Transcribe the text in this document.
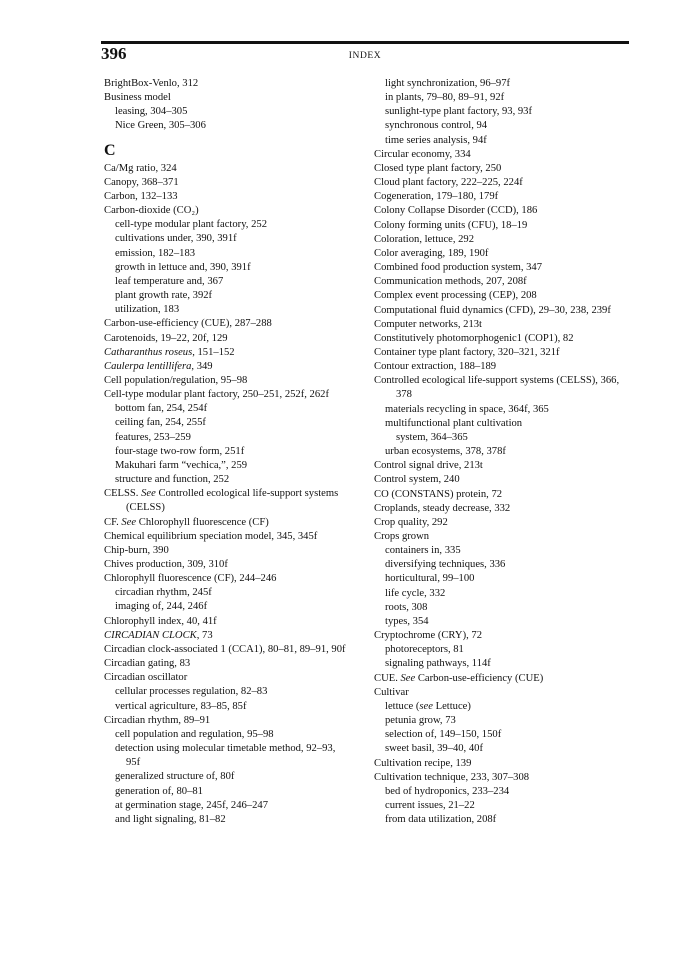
396	INDEX
BrightBox-Venlo, 312
Business model
leasing, 304–305
Nice Green, 305–306
C
Ca/Mg ratio, 324
Canopy, 368–371
Carbon, 132–133
Carbon-dioxide (CO₂)
cell-type modular plant factory, 252
cultivations under, 390, 391f
emission, 182–183
growth in lettuce and, 390, 391f
leaf temperature and, 367
plant growth rate, 392f
utilization, 183
Carbon-use-efficiency (CUE), 287–288
Carotenoids, 19–22, 20f, 129
Catharanthus roseus, 151–152
Caulerpa lentillifera, 349
Cell population/regulation, 95–98
Cell-type modular plant factory, 250–251, 252f, 262f
bottom fan, 254, 254f
ceiling fan, 254, 255f
features, 253–259
four-stage two-row form, 251f
Makuhari farm “vechica,”, 259
structure and function, 252
CELSS. See Controlled ecological life-support systems
(CELSS)
CF. See Chlorophyll fluorescence (CF)
Chemical equilibrium speciation model, 345, 345f
Chip-burn, 390
Chives production, 309, 310f
Chlorophyll fluorescence (CF), 244–246
circadian rhythm, 245f
imaging of, 244, 246f
Chlorophyll index, 40, 41f
CIRCADIAN CLOCK, 73
Circadian clock-associated 1 (CCA1), 80–81, 89–91, 90f
Circadian gating, 83
Circadian oscillator
cellular processes regulation, 82–83
vertical agriculture, 83–85, 85f
Circadian rhythm, 89–91
cell population and regulation, 95–98
detection using molecular timetable method, 92–93,
95f
generalized structure of, 80f
generation of, 80–81
at germination stage, 245f, 246–247
and light signaling, 81–82
light synchronization, 96–97f
in plants, 79–80, 89–91, 92f
sunlight-type plant factory, 93, 93f
synchronous control, 94
time series analysis, 94f
Circular economy, 334
Closed type plant factory, 250
Cloud plant factory, 222–225, 224f
Cogeneration, 179–180, 179f
Colony Collapse Disorder (CCD), 186
Colony forming units (CFU), 18–19
Coloration, lettuce, 292
Color averaging, 189, 190f
Combined food production system, 347
Communication methods, 207, 208f
Complex event processing (CEP), 208
Computational fluid dynamics (CFD), 29–30, 238, 239f
Computer networks, 213t
Constitutively photomorphogenic1 (COP1), 82
Container type plant factory, 320–321, 321f
Contour extraction, 188–189
Controlled ecological life-support systems (CELSS), 366,
378
materials recycling in space, 364f, 365
multifunctional plant cultivation
system, 364–365
urban ecosystems, 378, 378f
Control signal drive, 213t
Control system, 240
CO (CONSTANS) protein, 72
Croplands, steady decrease, 332
Crop quality, 292
Crops grown
containers in, 335
diversifying techniques, 336
horticultural, 99–100
life cycle, 332
roots, 308
types, 354
Cryptochrome (CRY), 72
photoreceptors, 81
signaling pathways, 114f
CUE. See Carbon-use-efficiency (CUE)
Cultivar
lettuce (see Lettuce)
petunia grow, 73
selection of, 149–150, 150f
sweet basil, 39–40, 40f
Cultivation recipe, 139
Cultivation technique, 233, 307–308
bed of hydroponics, 233–234
current issues, 21–22
from data utilization, 208f
